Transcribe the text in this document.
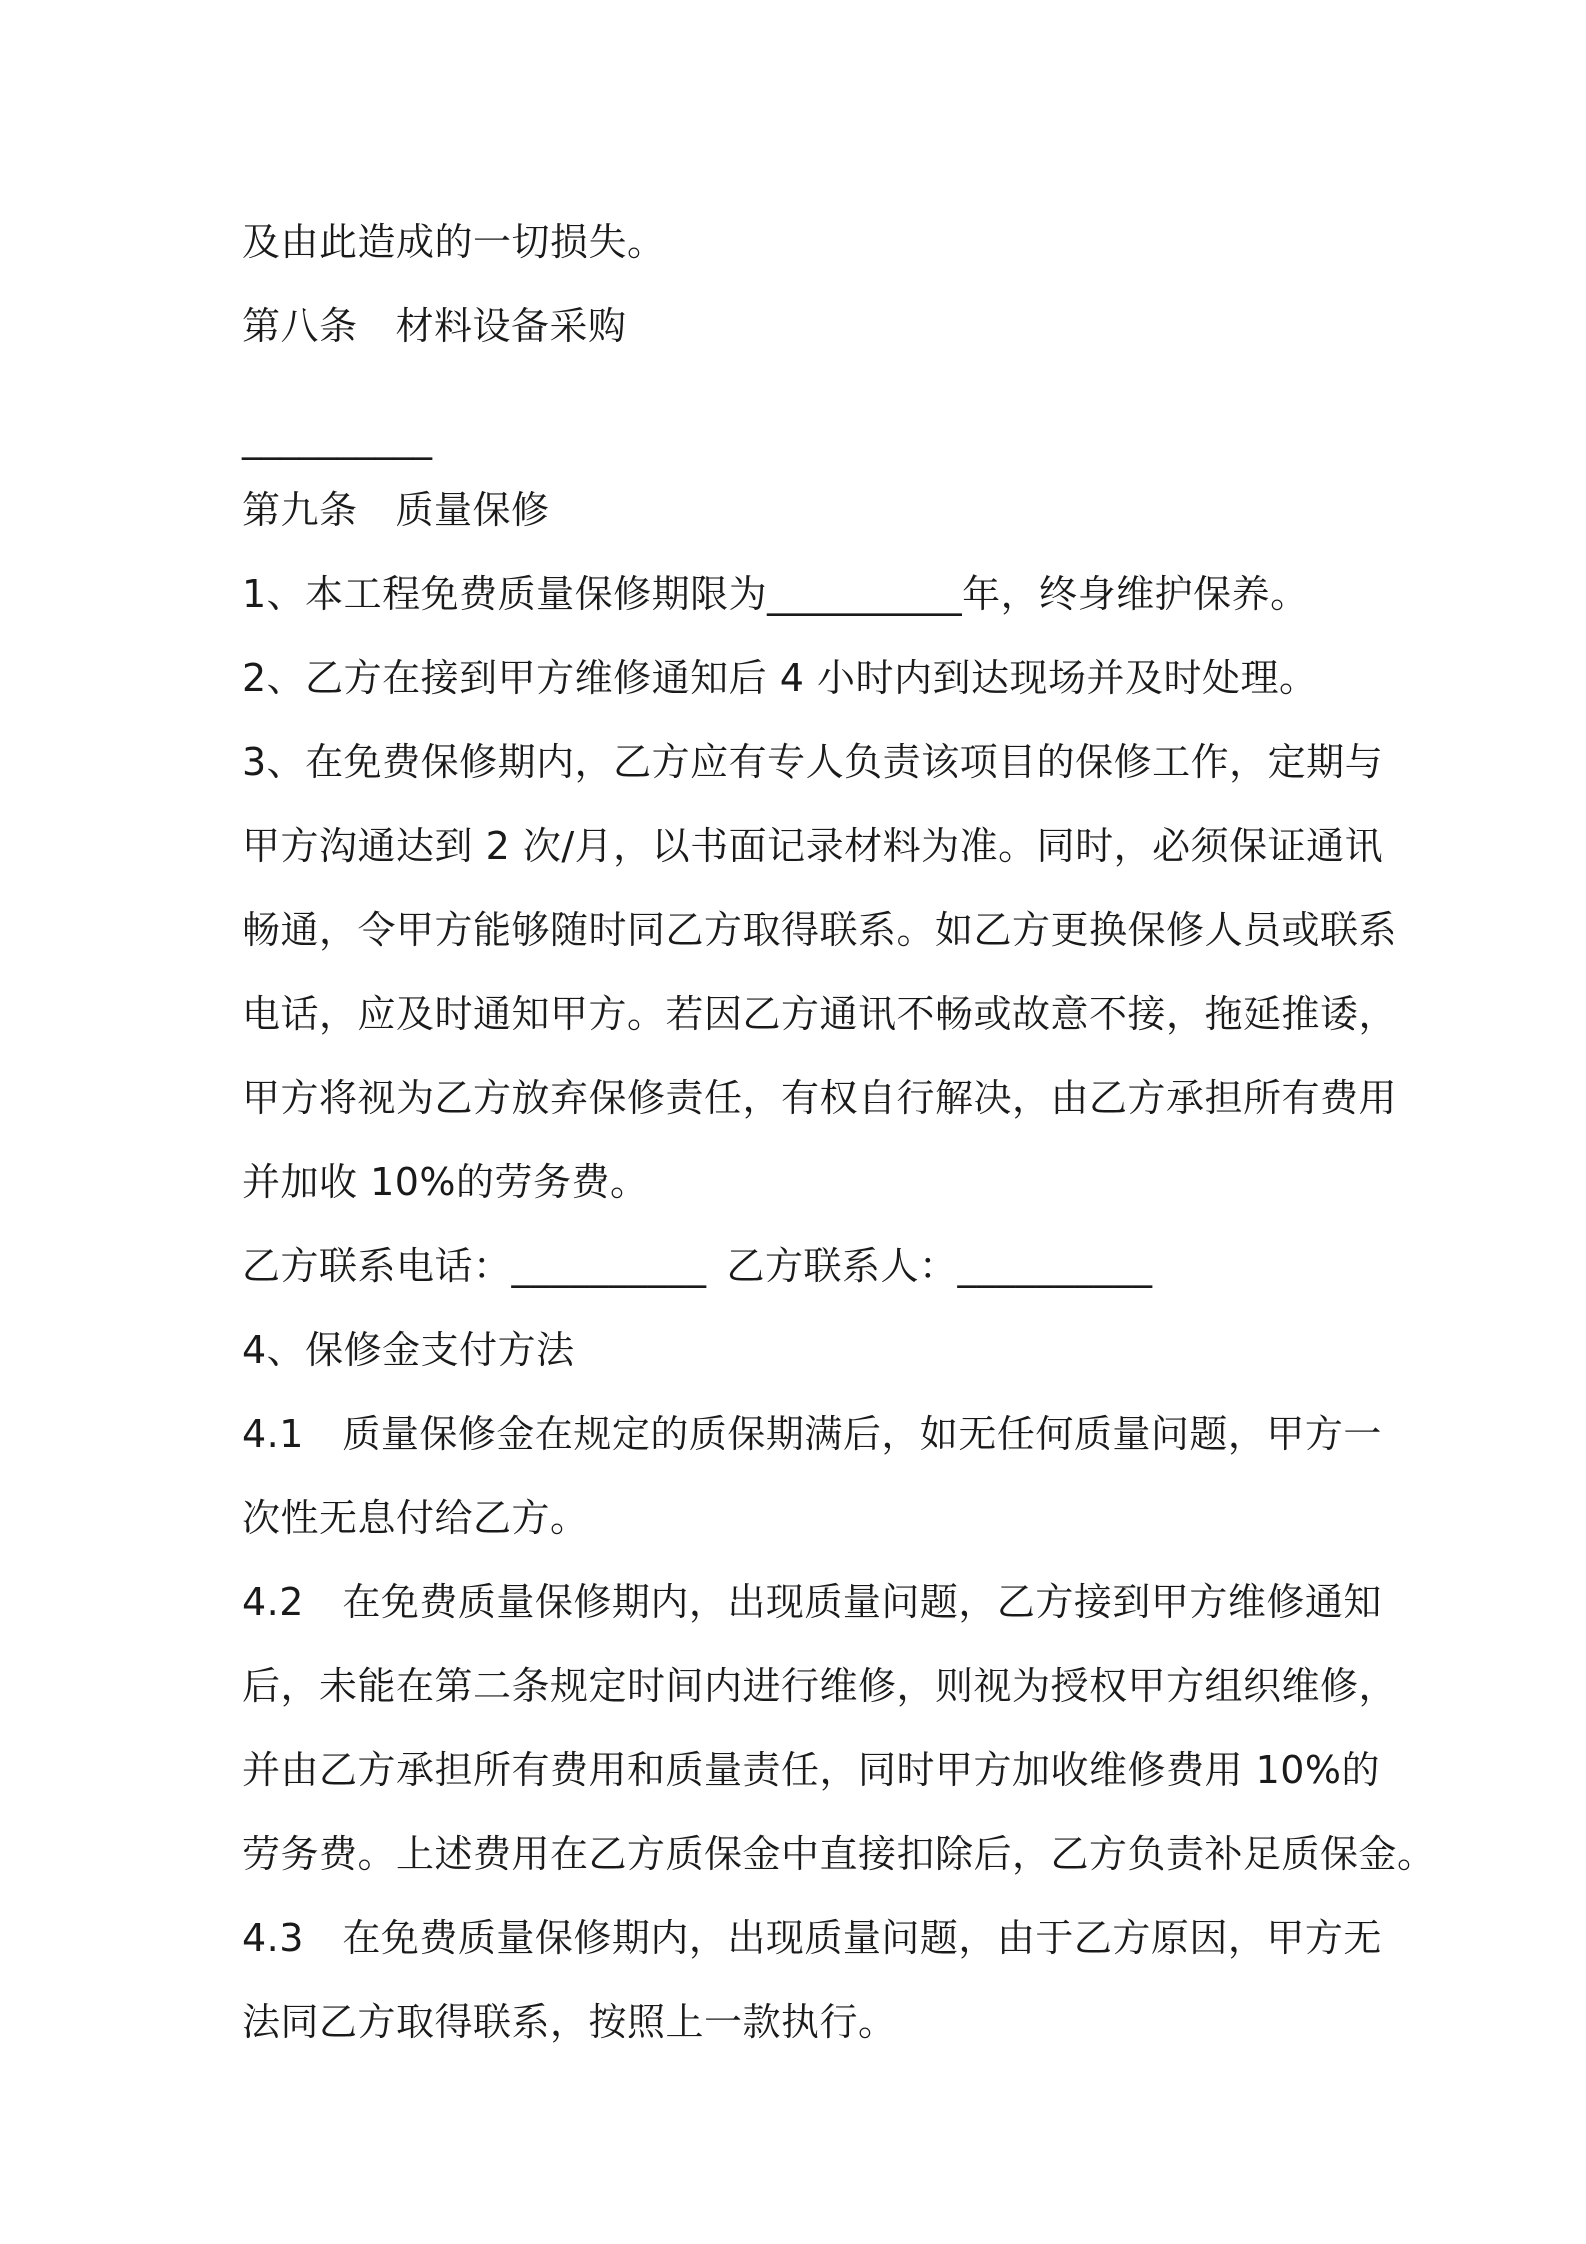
及由此造成的一切损失。
第八条 材料设备采购
__________
第九条 质量保修
1、本工程免费质量保修期限为__________年，终身维护保养。
2、乙方在接到甲方维修通知后 4 小时内到达现场并及时处理。
3、在免费保修期内，乙方应有专人负责该项目的保修工作，定期与
甲方沟通达到 2 次/月，以书面记录材料为准。同时，必须保证通讯
畅通，令甲方能够随时同乙方取得联系。如乙方更换保修人员或联系
电话，应及时通知甲方。若因乙方通讯不畅或故意不接，拖延推诿，
甲方将视为乙方放弃保修责任，有权自行解决，由乙方承担所有费用
并加收 10%的劳务费。
乙方联系电话：__________ 乙方联系人：__________
4、保修金支付方法
4.1　质量保修金在规定的质保期满后，如无任何质量问题，甲方一
次性无息付给乙方。
4.2　在免费质量保修期内，出现质量问题，乙方接到甲方维修通知
后，未能在第二条规定时间内进行维修，则视为授权甲方组织维修，
并由乙方承担所有费用和质量责任，同时甲方加收维修费用 10%的
劳务费。上述费用在乙方质保金中直接扣除后，乙方负责补足质保金。
4.3　在免费质量保修期内，出现质量问题，由于乙方原因，甲方无
法同乙方取得联系，按照上一款执行。
